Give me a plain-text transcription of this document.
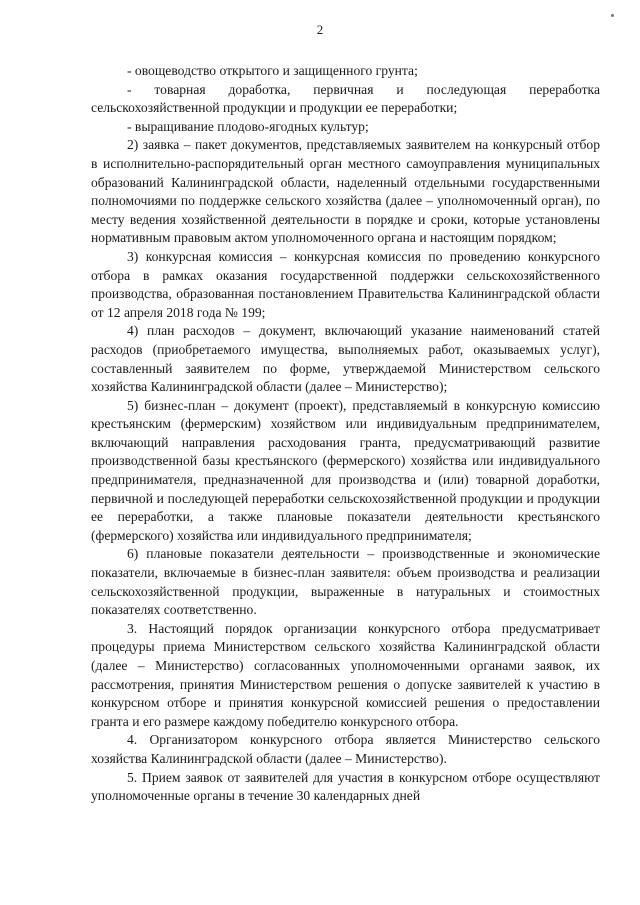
2

- овощеводство открытого и защищенного грунта;

- товарная доработка, первичная и последующая переработка сельскохозяйственной продукции и продукции ее переработки;

- выращивание плодово-ягодных культур;

2) заявка – пакет документов, представляемых заявителем на конкурсный отбор в исполнительно-распорядительный орган местного самоуправления муниципальных образований Калининградской области, наделенный отдельными государственными полномочиями по поддержке сельского хозяйства (далее – уполномоченный орган), по месту ведения хозяйственной деятельности в порядке и сроки, которые установлены нормативным правовым актом уполномоченного органа и настоящим порядком;

3) конкурсная комиссия – конкурсная комиссия по проведению конкурсного отбора в рамках оказания государственной поддержки сельскохозяйственного производства, образованная постановлением Правительства Калининградской области от 12 апреля 2018 года № 199;

4) план расходов – документ, включающий указание наименований статей расходов (приобретаемого имущества, выполняемых работ, оказываемых услуг), составленный заявителем по форме, утверждаемой Министерством сельского хозяйства Калининградской области (далее – Министерство);

5) бизнес-план – документ (проект), представляемый в конкурсную комиссию крестьянским (фермерским) хозяйством или индивидуальным предпринимателем, включающий направления расходования гранта, предусматривающий развитие производственной базы крестьянского (фермерского) хозяйства или индивидуального предпринимателя, предназначенной для производства и (или) товарной доработки, первичной и последующей переработки сельскохозяйственной продукции и продукции ее переработки, а также плановые показатели деятельности крестьянского (фермерского) хозяйства или индивидуального предпринимателя;

6) плановые показатели деятельности – производственные и экономические показатели, включаемые в бизнес-план заявителя: объем производства и реализации сельскохозяйственной продукции, выраженные в натуральных и стоимостных показателях соответственно.

3. Настоящий порядок организации конкурсного отбора предусматривает процедуры приема Министерством сельского хозяйства Калининградской области (далее – Министерство) согласованных уполномоченными органами заявок, их рассмотрения, принятия Министерством решения о допуске заявителей к участию в конкурсном отборе и принятия конкурсной комиссией решения о предоставлении гранта и его размере каждому победителю конкурсного отбора.

4. Организатором конкурсного отбора является Министерство сельского хозяйства Калининградской области (далее – Министерство).

5. Прием заявок от заявителей для участия в конкурсном отборе осуществляют уполномоченные органы в течение 30 календарных дней
